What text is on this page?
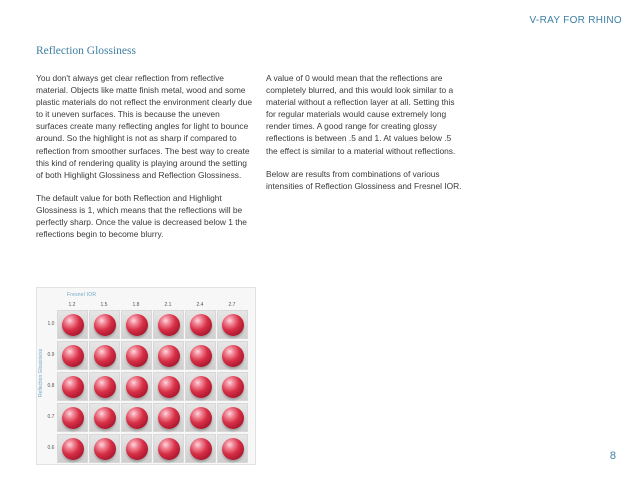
V-RAY FOR RHINO
Reflection Glossiness

You don't always get clear reflection from reflective material. Objects like matte finish metal, wood and some plastic materials do not reflect the environment clearly due to it uneven surfaces. This is because the uneven surfaces create many reflecting angles for light to bounce around. So the highlight is not as sharp if compared to reflection from smoother surfaces. The best way to create this kind of rendering quality is playing around the setting of both Highlight Glossiness and Reflection Glossiness.

The default value for both Reflection and Highlight Glossiness is 1, which means that the reflections will be perfectly sharp. Once the value is decreased below 1 the reflections begin to become blurry.

A value of 0 would mean that the reflections are completely blurred, and this would look similar to a material without a reflection layer at all. Setting this for regular materials would cause extremely long render times. A good range for creating glossy reflections is between .5 and 1. At values below .5 the effect is similar to a material without reflections.

Below are results from combinations of various intensities of Reflection Glossiness and Fresnel IOR.

Fresnel IOR
Reflection Glossiness
1.2	1.5	1.8	2.1	2.4	2.7
1.0
0.9
0.8
0.7
0.6
8
